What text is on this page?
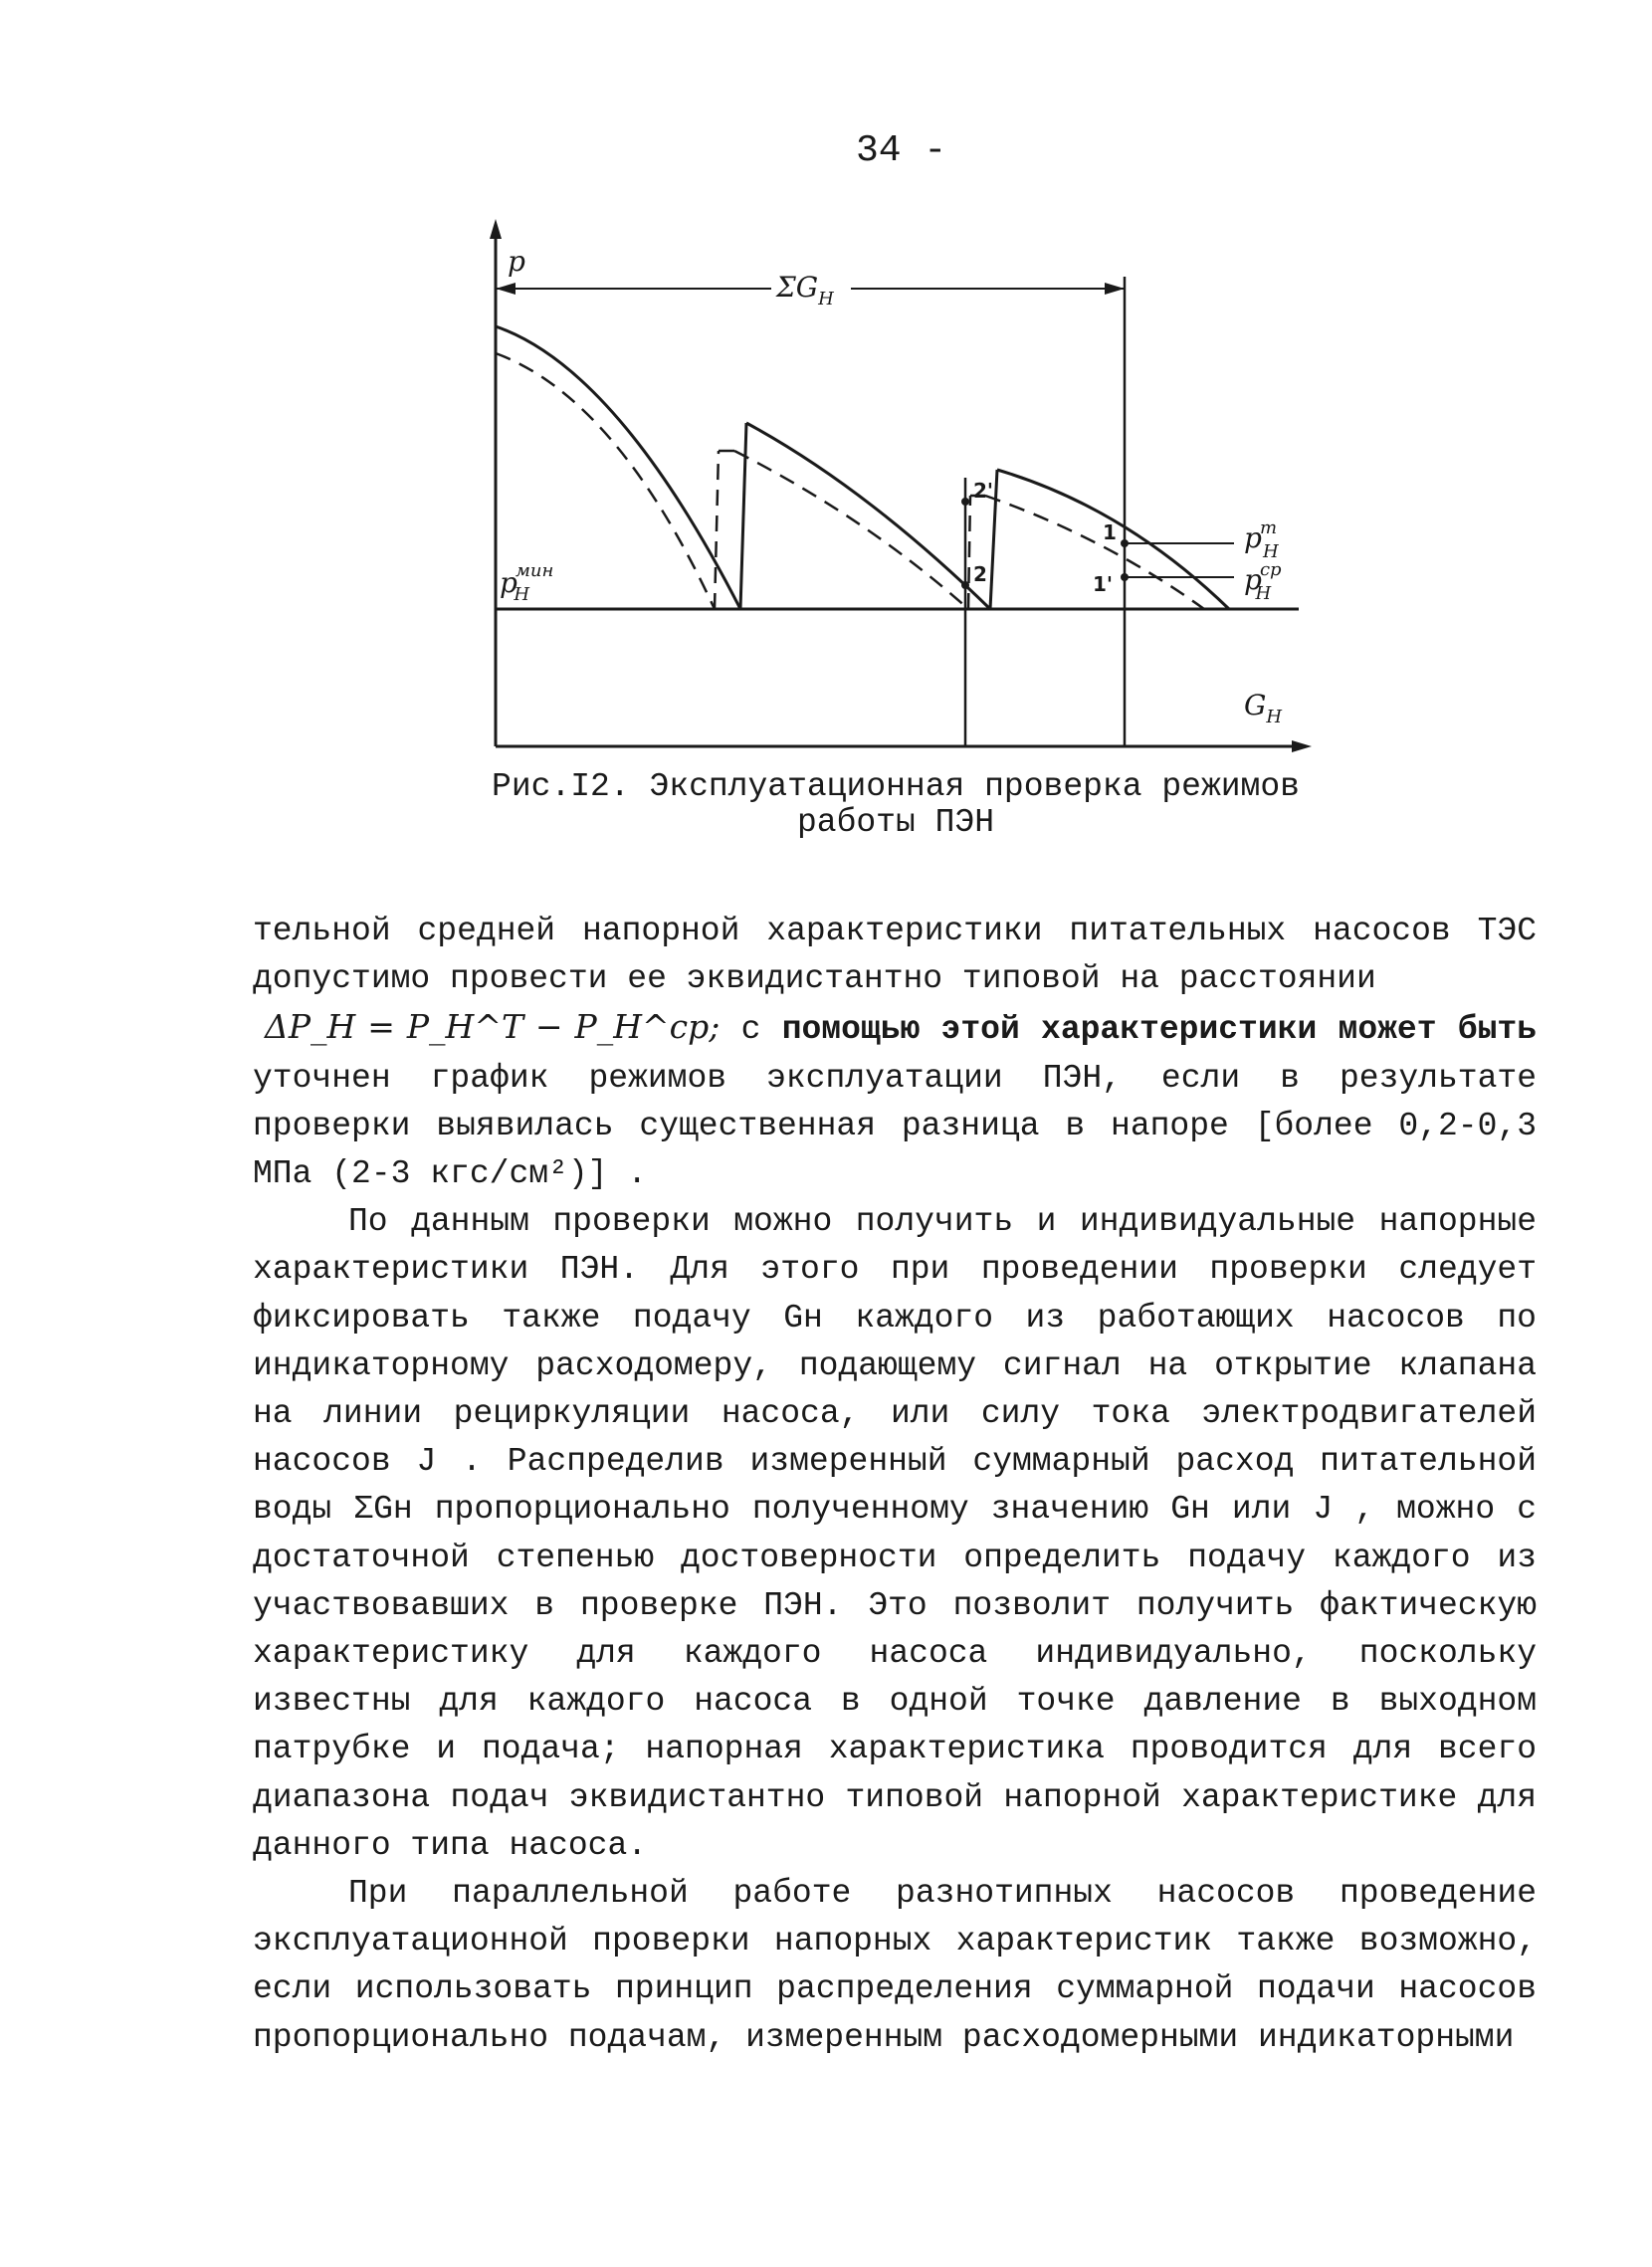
34 -
$\Sigma G_H$
p
$G_H$
pмин H
pт H
pср H
2'
2
1
1'
Рис.I2. Эксплуатационная проверка режимов
работы ПЭН

тельной средней напорной характеристики питательных насосов ТЭС допустимо провести ее эквидистантно типовой на расстоянии
ΔP_H = P_H^T − P_H^cp; с помощью этой характеристики может быть уточнен график режимов эксплуатации ПЭН, если в результате проверки выявилась существенная разница в напоре [более 0,2-0,3 МПа (2-3 кгс/см²)] .

По данным проверки можно получить и индивидуальные напорные характеристики ПЭН. Для этого при проведении проверки следует фиксировать также подачу Gн каждого из работающих насосов по индикаторному расходомеру, подающему сигнал на открытие клапана на линии рециркуляции насоса, или силу тока электродвигателей насосов J . Распределив измеренный суммарный расход питательной воды ΣGн пропорционально полученному значению Gн или J , можно с достаточной степенью достоверности определить подачу каждого из участвовавших в проверке ПЭН. Это позволит получить фактическую характеристику для каждого насоса индивидуально, поскольку известны для каждого насоса в одной точке давление в выходном патрубке и подача; напорная характеристика проводится для всего диапазона подач эквидистантно типовой напорной характеристике для данного типа насоса.

При параллельной работе разнотипных насосов проведение эксплуатационной проверки напорных характеристик также возможно, если использовать принцип распределения суммарной подачи насосов пропорционально подачам, измеренным расходомерными индикаторными
